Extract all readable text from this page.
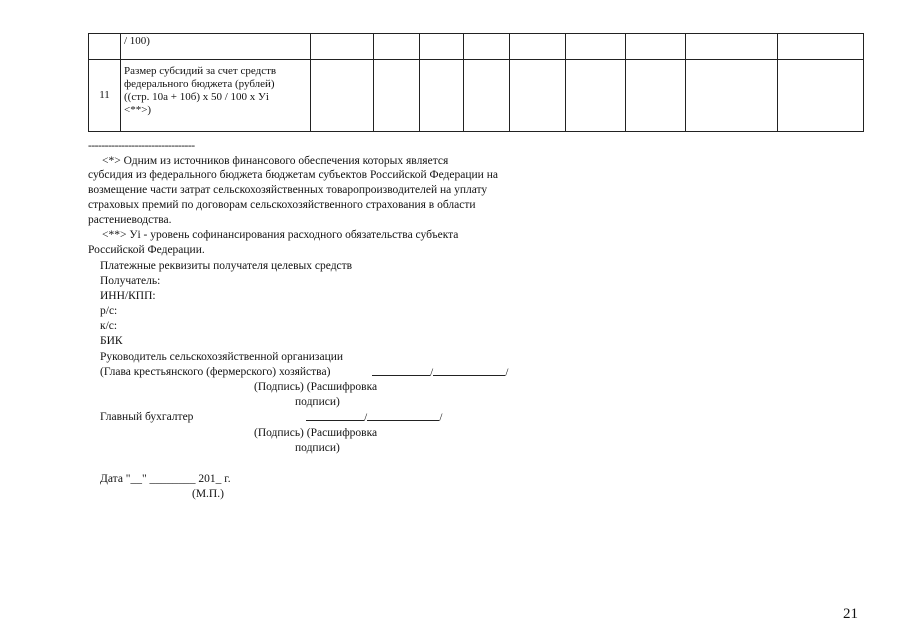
	/ 100)									

11	Размер субсидий за счет средств
федерального бюджета (рублей)
((стр. 10а + 10б) x 50 / 100 x Уi
<**>)									

--------------------------------
<*> Одним из источников финансового обеспечения которых является
субсидия из федерального бюджета бюджетам субъектов Российской Федерации на
возмещение части затрат сельскохозяйственных товаропроизводителей на уплату
страховых премий по договорам сельскохозяйственного страхования в области
растениеводства.
<**> Уi - уровень софинансирования расходного обязательства субъекта
Российской Федерации.
Платежные реквизиты получателя целевых средств
Получатель:
ИНН/КПП:
р/с:
к/с:
БИК
Руководитель сельскохозяйственной организации
(Глава крестьянского (фермерского) хозяйства)	/	/
(Подпись) (Расшифровка
подписи)
Главный бухгалтер	/	/
(Подпись) (Расшифровка
подписи)
Дата "__" ________ 201_ г.
(М.П.)
21
